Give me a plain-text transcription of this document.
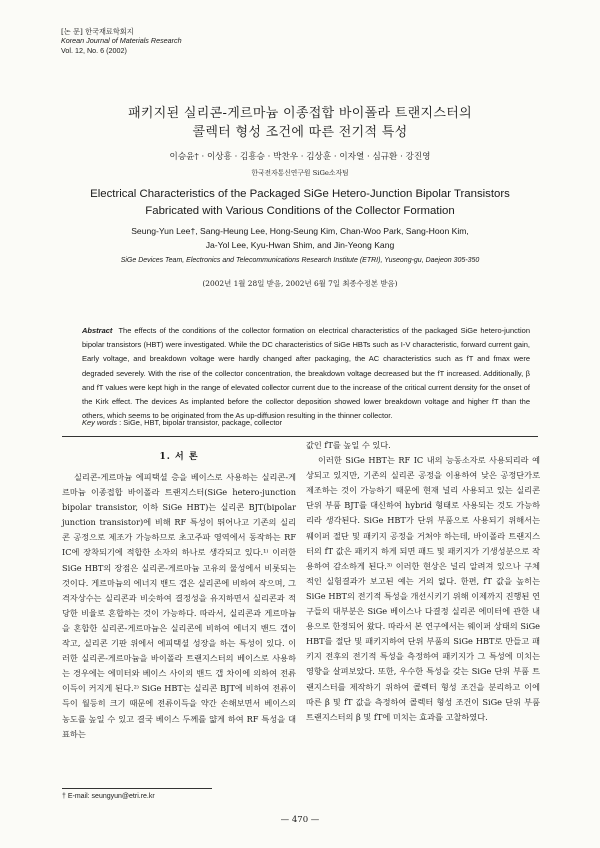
[논 문] 한국재료학회지
Korean Journal of Materials Research
Vol. 12, No. 6 (2002)
패키지된 실리콘-게르마늄 이종접합 바이폴라 트랜지스터의
콜렉터 형성 조건에 따른 전기적 특성
이승윤† · 이상흥 · 김흥승 · 박찬우 · 김상훈 · 이자열 · 심규환 · 강진영
한국전자통신연구원 SiGe소자팀
Electrical Characteristics of the Packaged SiGe Hetero-Junction Bipolar Transistors
Fabricated with Various Conditions of the Collector Formation
Seung-Yun Lee†, Sang-Heung Lee, Hong-Seung Kim, Chan-Woo Park, Sang-Hoon Kim,
Ja-Yol Lee, Kyu-Hwan Shim, and Jin-Yeong Kang
SiGe Devices Team, Electronics and Telecommunications Research Institute (ETRI), Yuseong-gu, Daejeon 305-350
(2002년 1월 28일 받음, 2002년 6월 7일 최종수정본 받음)
Abstract The effects of the conditions of the collector formation on electrical characteristics of the packaged SiGe hetero-junction bipolar transistors (HBT) were investigated. While the DC characteristics of SiGe HBTs such as I-V characteristic, forward current gain, Early voltage, and breakdown voltage were hardly changed after packaging, the AC characteristics such as fT and fmax were degraded severely. With the rise of the collector concentration, the breakdown voltage decreased but the fT increased. Additionally, β and fT values were kept high in the range of elevated collector current due to the increase of the critical current density for the onset of the Kirk effect. The devices As implanted before the collector deposition showed lower breakdown voltage and higher fT than the others, which seems to be originated from the As up-diffusion resulting in the thinner collector.
Key words : SiGe, HBT, bipolar transistor, package, collector
1. 서 론

실리콘-게르마늄 에피택셜 층을 베이스로 사용하는 실리콘-게르마늄 이종접합 바이폴라 트랜지스터(SiGe hetero-junction bipolar transistor, 이하 SiGe HBT)는 실리콘 BJT(bipolar junction transistor)에 비해 RF 특성이 뛰어나고 기존의 실리콘 공정으로 제조가 가능하므로 초고주파 영역에서 동작하는 RF IC에 장착되기에 적합한 소자의 하나로 생각되고 있다.¹⁾ 이러한 SiGe HBT의 장점은 실리콘-게르마늄 고유의 물성에서 비롯되는 것이다. 게르마늄의 에너지 밴드 갭은 실리콘에 비하여 작으며, 그 격자상수는 실리콘과 비슷하여 결정성을 유지하면서 실리콘과 적당한 비율로 혼합하는 것이 가능하다. 따라서, 실리콘과 게르마늄을 혼합한 실리콘-게르마늄은 실리콘에 비하여 에너지 밴드 갭이 작고, 실리콘 기판 위에서 에피택셜 성장을 하는 특성이 있다. 이러한 실리콘-게르마늄을 바이폴라 트랜지스터의 베이스로 사용하는 경우에는 에미터와 베이스 사이의 밴드 갭 차이에 의하여 전류이득이 커지게 된다.²⁾ SiGe HBT는 실리콘 BJT에 비하여 전류이득이 월등히 크기 때문에 전류이득을 약간 손해보면서 베이스의 농도를 높일 수 있고 결국 베이스 두께를 얇게 하여 RF 특성을 대표하는

값인 fT를 높일 수 있다.

이러한 SiGe HBT는 RF IC 내의 능동소자로 사용되리라 예상되고 있지만, 기존의 실리콘 공정을 이용하여 낮은 공정단가로 제조하는 것이 가능하기 때문에 현재 널리 사용되고 있는 실리콘 단위 부품 BJT를 대신하여 hybrid 형태로 사용되는 것도 가능하리라 생각된다. SiGe HBT가 단위 부품으로 사용되기 위해서는 웨이퍼 절단 및 패키지 공정을 거쳐야 하는데, 바이폴라 트랜지스터의 fT 값은 패키지 하게 되면 패드 및 패키지가 기생성분으로 작용하여 감소하게 된다.³⁾ 이러한 현상은 널리 알려져 있으나 구체적인 실험결과가 보고된 예는 거의 없다. 한편, fT 값을 높히는 SiGe HBT의 전기적 특성을 개선시키기 위해 이제까지 진행된 연구들의 대부분은 SiGe 베이스나 다결정 실리콘 에미터에 관한 내용으로 한정되어 왔다. 따라서 본 연구에서는 웨이퍼 상태의 SiGe HBT를 절단 및 패키지하여 단위 부품의 SiGe HBT로 만들고 패키지 전후의 전기적 특성을 측정하여 패키지가 그 특성에 미치는 영향을 살펴보았다. 또한, 우수한 특성을 갖는 SiGe 단위 부품 트랜지스터를 제작하기 위하여 콜렉터 형성 조건을 분리하고 이에 따른 β 및 fT 값을 측정하여 콜렉터 형성 조건이 SiGe 단위 부품 트랜지스터의 β 및 fT에 미치는 효과를 고찰하였다.

† E-mail: seungyun@etri.re.kr
— 470 —
